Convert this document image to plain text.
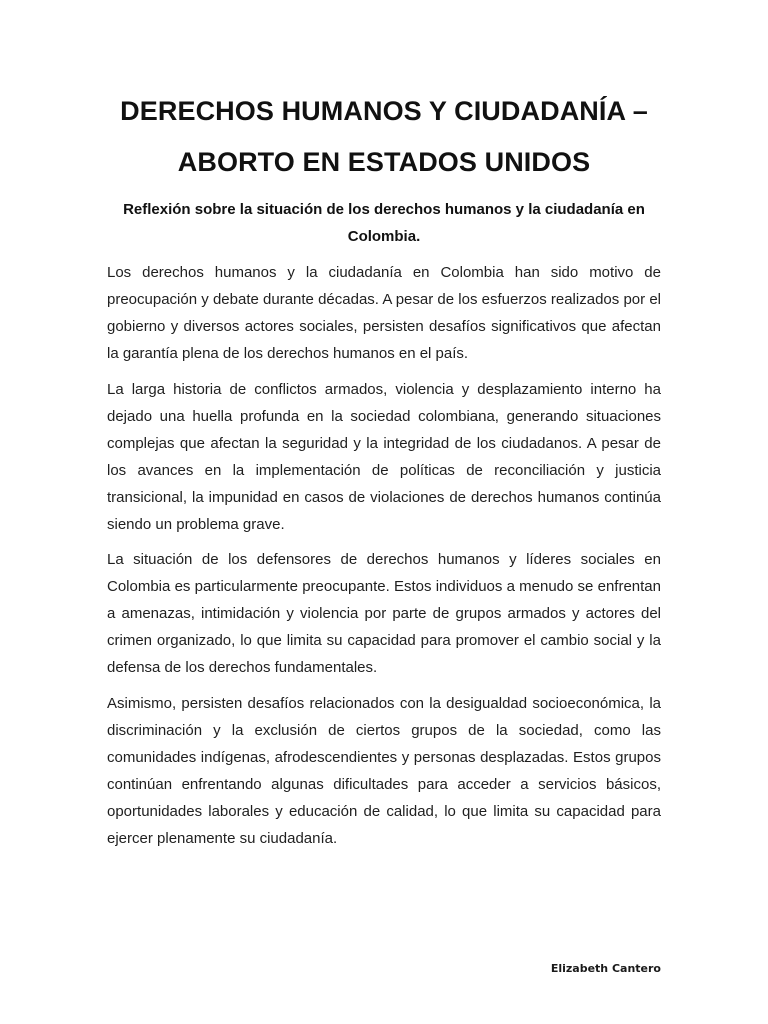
DERECHOS HUMANOS Y CIUDADANÍA –
ABORTO EN ESTADOS UNIDOS

Reflexión sobre la situación de los derechos humanos y la ciudadanía en Colombia.

Los derechos humanos y la ciudadanía en Colombia han sido motivo de preocupación y debate durante décadas. A pesar de los esfuerzos realizados por el gobierno y diversos actores sociales, persisten desafíos significativos que afectan la garantía plena de los derechos humanos en el país.

La larga historia de conflictos armados, violencia y desplazamiento interno ha dejado una huella profunda en la sociedad colombiana, generando situaciones complejas que afectan la seguridad y la integridad de los ciudadanos. A pesar de los avances en la implementación de políticas de reconciliación y justicia transicional, la impunidad en casos de violaciones de derechos humanos continúa siendo un problema grave.

La situación de los defensores de derechos humanos y líderes sociales en Colombia es particularmente preocupante. Estos individuos a menudo se enfrentan a amenazas, intimidación y violencia por parte de grupos armados y actores del crimen organizado, lo que limita su capacidad para promover el cambio social y la defensa de los derechos fundamentales.

Asimismo, persisten desafíos relacionados con la desigualdad socioeconómica, la discriminación y la exclusión de ciertos grupos de la sociedad, como las comunidades indígenas, afrodescendientes y personas desplazadas. Estos grupos continúan enfrentando algunas dificultades para acceder a servicios básicos, oportunidades laborales y educación de calidad, lo que limita su capacidad para ejercer plenamente su ciudadanía.

Elizabeth Cantero
